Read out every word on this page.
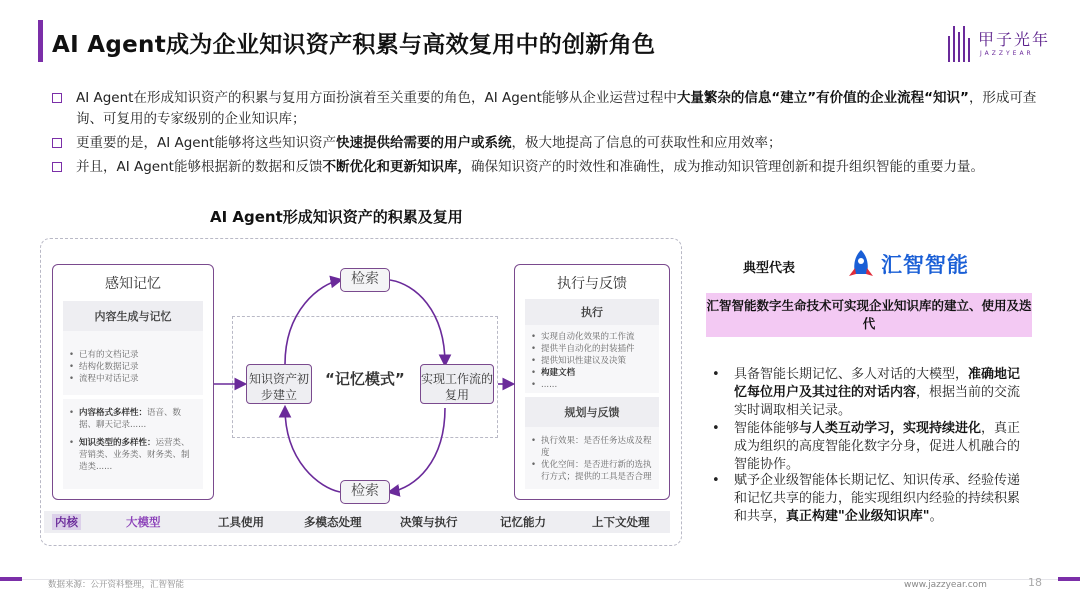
AI Agent成为企业知识资产积累与高效复用中的创新角色	甲子光年
JAZZYEAR
AI Agent在形成知识资产的积累与复用方面扮演着至关重要的角色，AI Agent能够从企业运营过程中大量繁杂的信息“建立”有价值的企业流程“知识”，形成可查询、可复用的专家级别的企业知识库；
更重要的是，AI Agent能够将这些知识资产快速提供给需要的用户或系统，极大地提高了信息的可获取性和应用效率；
并且，AI Agent能够根据新的数据和反馈不断优化和更新知识库，确保知识资产的时效性和准确性，成为推动知识管理创新和提升组织智能的重要力量。
AI Agent形成知识资产的积累及复用
感知记忆
内容生成与记忆
• 已有的文档记录
• 结构化数据记录
• 流程中对话记录
• 内容格式多样性：语音、数据、聊天记录......
• 知识类型的多样性：运营类、营销类、业务类、财务类、制造类......
执行与反馈
执行
• 实现自动化效果的工作流
• 提供半自动化的封装插件
• 提供知识性建议及决策
• 构建文档
• ......
规划与反馈
• 执行效果：是否任务达成及程度
• 优化空间：是否进行新的选执行方式；提供的工具是否合理
检索
检索
知识资产初步建立
实现工作流的复用
“记忆模式”
内核	大模型	工具使用	多模态处理	决策与执行	记忆能力	上下文处理
典型代表	汇智智能
汇智智能数字生命技术可实现企业知识库的建立、使用及迭代
• 具备智能长期记忆、多人对话的大模型，准确地记忆每位用户及其过往的对话内容，根据当前的交流实时调取相关记录。
• 智能体能够与人类互动学习，实现持续进化，真正成为组织的高度智能化数字分身，促进人机融合的智能协作。
• 赋予企业级智能体长期记忆、知识传承、经验传递和记忆共享的能力，能实现组织内经验的持续积累和共享，真正构建"企业级知识库"。
数据来源：公开资料整理，汇智智能	www.jazzyear.com	18
